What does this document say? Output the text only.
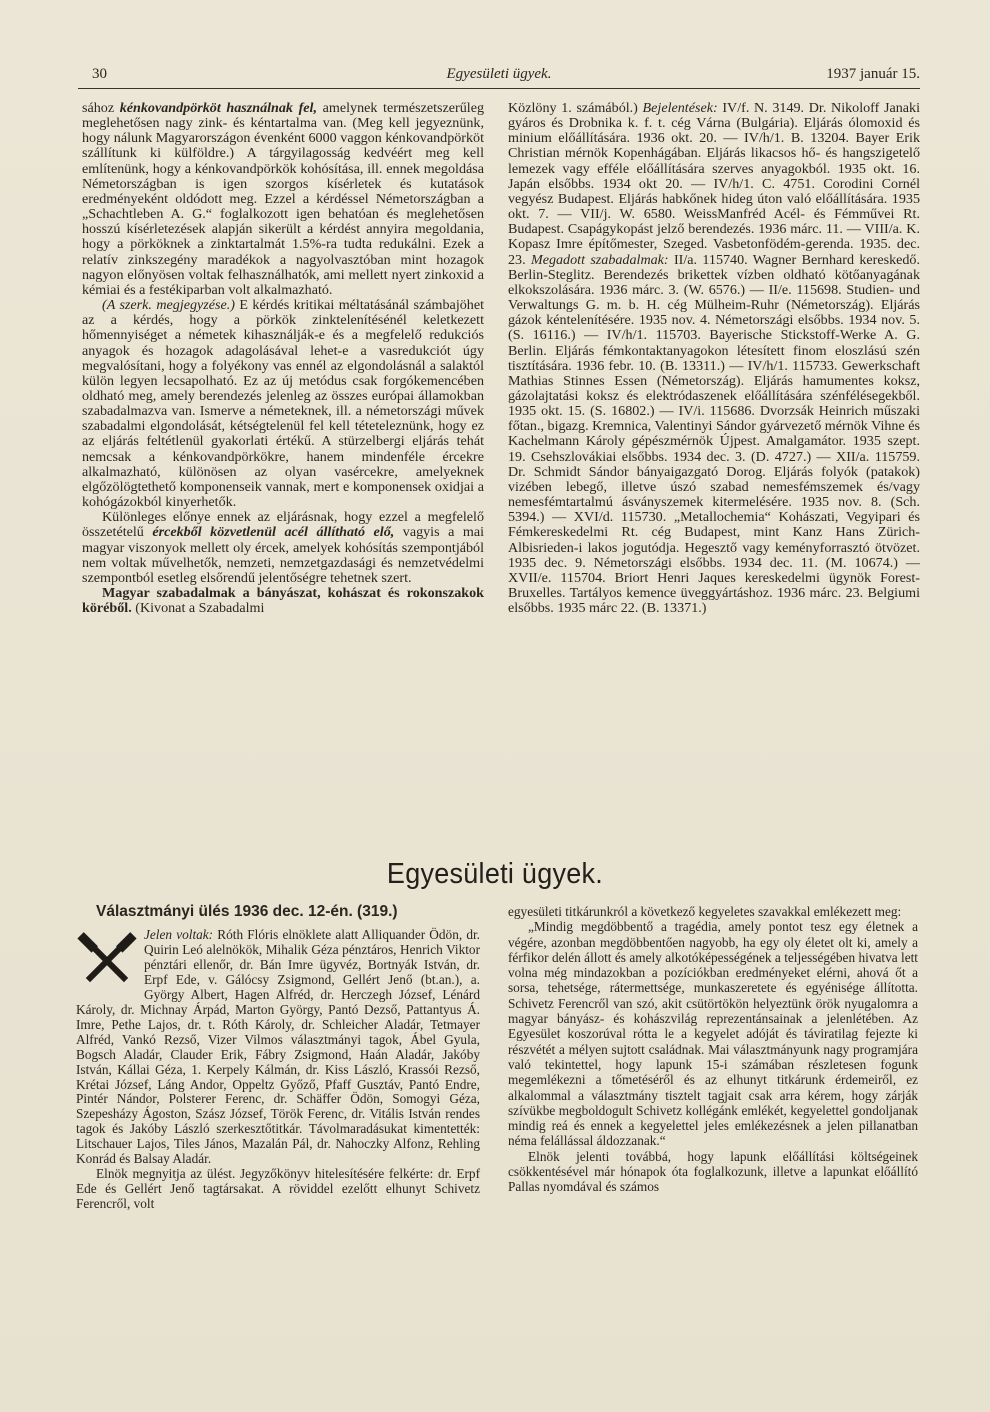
30	Egyesületi ügyek.	1937 január 15.

sához kénkovandpörköt használnak fel, amelynek természetszerűleg meglehetősen nagy zink- és kéntartalma van. (Meg kell jegyeznünk, hogy nálunk Magyarországon évenként 6000 vaggon kénkovandpörköt szállítunk ki külföldre.) A tárgyilagosság kedvéért meg kell említenünk, hogy a kénkovandpörkök kohósítása, ill. ennek megoldása Németországban is igen szorgos kísérletek és kutatások eredményeként oldódott meg. Ezzel a kérdéssel Németországban a „Schachtleben A. G.“ foglalkozott igen behatóan és meglehetősen hosszú kísérletezések alapján sikerült a kérdést annyira megoldania, hogy a pörköknek a zinktartalmát 1.5%-ra tudta redukálni. Ezek a relatív zinkszegény maradékok a nagyolvasztóban mint hozagok nagyon előnyösen voltak felhasználhatók, ami mellett nyert zinkoxid a kémiai és a festékiparban volt alkalmazható.

(A szerk. megjegyzése.) E kérdés kritikai méltatásánál számbajöhet az a kérdés, hogy a pörkök zinktelenítésénél keletkezett hőmennyiséget a németek kihasználják-e és a megfelelő redukciós anyagok és hozagok adagolásával lehet-e a vasredukciót úgy megvalósítani, hogy a folyékony vas ennél az elgondolásnál a salaktól külön legyen lecsapolható. Ez az új metódus csak forgókemencében oldható meg, amely berendezés jelenleg az összes európai államokban szabadalmazva van. Ismerve a németeknek, ill. a németországi művek szabadalmi elgondolását, kétségtelenül fel kell téteteleznünk, hogy ez az eljárás feltétlenül gyakorlati értékű. A stürzelbergi eljárás tehát nemcsak a kénkovandpörkökre, hanem mindenféle ércekre alkalmazható, különösen az olyan vasércekre, amelyeknek elgőzölögtethető komponenseik vannak, mert e komponensek oxidjai a kohógázokból kinyerhetők.

Különleges előnye ennek az eljárásnak, hogy ezzel a megfelelő összetételű ércekből közvetlenül acél állítható elő, vagyis a mai magyar viszonyok mellett oly ércek, amelyek kohósítás szempontjából nem voltak művelhetők, nemzeti, nemzetgazdasági és nemzetvédelmi szempontból esetleg elsőrendű jelentőségre tehetnek szert.

Magyar szabadalmak a bányászat, kohászat és rokonszakok köréből. (Kivonat a Szabadalmi

Közlöny 1. számából.) Bejelentések: IV/f. N. 3149. Dr. Nikoloff Janaki gyáros és Drobnika k. f. t. cég Várna (Bulgária). Eljárás ólomoxid és minium előállítására. 1936 okt. 20. — IV/h/1. B. 13204. Bayer Erik Christian mérnök Kopenhágában. Eljárás likacsos hő- és hangszigetelő lemezek vagy efféle előállítására szerves anyagokból. 1935 okt. 16. Japán elsőbbs. 1934 okt 20. — IV/h/1. C. 4751. Corodini Cornél vegyész Budapest. Eljárás habkőnek hideg úton való előállítására. 1935 okt. 7. — VII/j. W. 6580. WeissManfréd Acél- és Fémművei Rt. Budapest. Csapágykopást jelző berendezés. 1936 márc. 11. — VIII/a. K. Kopasz Imre építőmester, Szeged. Vasbetonfödém-gerenda. 1935. dec. 23. Megadott szabadalmak: II/a. 115740. Wagner Bernhard kereskedő. Berlin-Steglitz. Berendezés brikettek vízben oldható kötőanyagának elkokszolására. 1936 márc. 3. (W. 6576.) — II/e. 115698. Studien- und Verwaltungs G. m. b. H. cég Mülheim-Ruhr (Németország). Eljárás gázok kéntelenítésére. 1935 nov. 4. Németországi elsőbbs. 1934 nov. 5. (S. 16116.) — IV/h/1. 115703. Bayerische Stickstoff-Werke A. G. Berlin. Eljárás fémkontaktanyagokon létesített finom eloszlású szén tisztítására. 1936 febr. 10. (B. 13311.) — IV/h/1. 115733. Gewerkschaft Mathias Stinnes Essen (Németország). Eljárás hamumentes koksz, gázolajtatási koksz és elektródaszenek előállítására szénfélésegekből. 1935 okt. 15. (S. 16802.) — IV/i. 115686. Dvorzsák Heinrich műszaki főtan., bigazg. Kremnica, Valentinyi Sándor gyárvezető mérnök Vihne és Kachelmann Károly gépészmérnök Újpest. Amalgamátor. 1935 szept. 19. Csehszlovákiai elsőbbs. 1934 dec. 3. (D. 4727.) — XII/a. 115759. Dr. Schmidt Sándor bányaigazgató Dorog. Eljárás folyók (patakok) vizében lebegő, illetve úszó szabad nemesfémszemek és/vagy nemesfémtartalmú ásványszemek kitermelésére. 1935 nov. 8. (Sch. 5394.) — XVI/d. 115730. „Metallochemia“ Kohászati, Vegyipari és Fémkereskedelmi Rt. cég Budapest, mint Kanz Hans Zürich-Albisrieden-i lakos jogutódja. Hegesztő vagy keményforrasztó ötvözet. 1935 dec. 9. Németországi elsőbbs. 1934 dec. 11. (M. 10674.) — XVII/e. 115704. Briort Henri Jaques kereskedelmi ügynök Forest-Bruxelles. Tartályos kemence üveggyártáshoz. 1936 márc. 23. Belgiumi elsőbbs. 1935 márc 22. (B. 13371.)

Egyesületi ügyek.
Választmányi ülés 1936 dec. 12-én. (319.)

Jelen voltak: Róth Flóris elnöklete alatt Alliquander Ödön, dr. Quirin Leó alelnökök, Mihalik Géza pénztáros, Henrich Viktor pénztári ellenőr, dr. Bán Imre ügyvéz, Bortnyák István, dr. Erpf Ede, v. Gálócsy Zsigmond, Gellért Jenő (bt.an.), a. György Albert, Hagen Alfréd, dr. Herczegh József, Lénárd Károly, dr. Michnay Árpád, Marton György, Pantó Dezső, Pattantyus Á. Imre, Pethe Lajos, dr. t. Róth Károly, dr. Schleicher Aladár, Tetmayer Alfréd, Vankó Rezső, Vizer Vilmos választmányi tagok, Ábel Gyula, Bogsch Aladár, Clauder Erik, Fábry Zsigmond, Haán Aladár, Jakóby István, Kállai Géza, 1. Kerpely Kálmán, dr. Kiss László, Krassói Rezső, Krétai József, Láng Andor, Oppeltz Győző, Pfaff Gusztáv, Pantó Endre, Pintér Nándor, Polsterer Ferenc, dr. Schäffer Ödön, Somogyi Géza, Szepesházy Ágoston, Szász József, Török Ferenc, dr. Vitális István rendes tagok és Jakóby László szerkesztőtitkár. Távolmaradásukat kimentették: Litschauer Lajos, Tiles János, Mazalán Pál, dr. Nahoczky Alfonz, Rehling Konrád és Balsay Aladár.

Elnök megnyitja az ülést. Jegyzőkönyv hitelesítésére felkérte: dr. Erpf Ede és Gellért Jenő tagtársakat. A röviddel ezelőtt elhunyt Schivetz Ferencről, volt

egyesületi titkárunkról a következő kegyeletes szavakkal emlékezett meg:

„Mindig megdöbbentő a tragédia, amely pontot tesz egy életnek a végére, azonban megdöbbentően nagyobb, ha egy oly életet olt ki, amely a férfikor delén állott és amely alkotóképességének a teljességében hivatva lett volna még mindazokban a pozíciókban eredményeket elérni, ahová őt a sorsa, tehetsége, rátermettsége, munkaszeretete és egyénisége állította. Schivetz Ferencről van szó, akit csütörtökön helyeztünk örök nyugalomra a magyar bányász- és kohászvilág reprezentánsainak a jelenlétében. Az Egyesület koszorúval rótta le a kegyelet adóját és táviratilag fejezte ki részvétét a mélyen sujtott családnak. Mai választmányunk nagy programjára való tekintettel, hogy lapunk 15-i számában részletesen fogunk megemlékezni a tőmetéséről és az elhunyt titkárunk érdemeiről, ez alkalommal a választmány tisztelt tagjait csak arra kérem, hogy zárják szívükbe megboldogult Schivetz kollégánk emlékét, kegyelettel gondoljanak mindig reá és ennek a kegyelettel jeles emlékezésnek a jelen pillanatban néma felállással áldozzanak.“

Elnök jelenti továbbá, hogy lapunk előállítási költségeinek csökkentésével már hónapok óta foglalkozunk, illetve a lapunkat előállító Pallas nyomdával és számos
